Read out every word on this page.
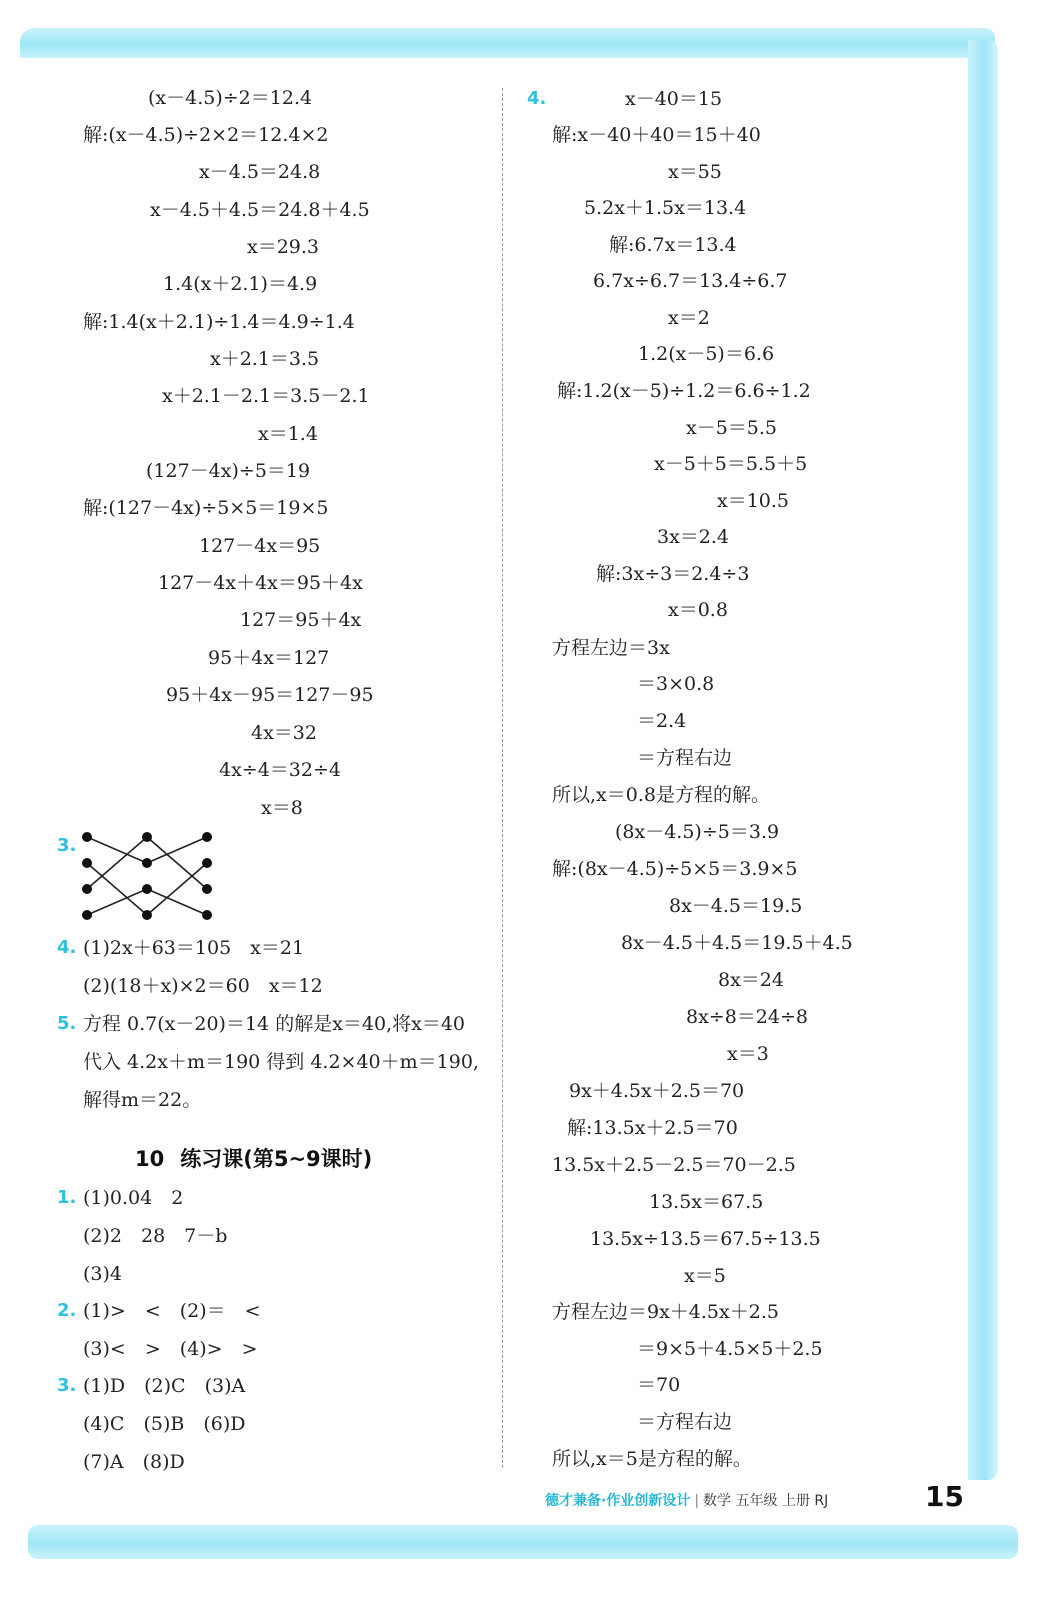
(x－4.5)÷2＝12.4
解:(x－4.5)÷2×2＝12.4×2
x－4.5＝24.8
x－4.5＋4.5＝24.8＋4.5
x＝29.3
1.4(x＋2.1)＝4.9
解:1.4(x＋2.1)÷1.4＝4.9÷1.4
x＋2.1＝3.5
x＋2.1－2.1＝3.5－2.1
x＝1.4
(127－4x)÷5＝19
解:(127－4x)÷5×5＝19×5
127－4x＝95
127－4x＋4x＝95＋4x
127＝95＋4x
95＋4x＝127
95＋4x－95＝127－95
4x＝32
4x÷4＝32÷4
x＝8
3.
4. (1)2x＋63＝105　x＝21
(2)(18＋x)×2＝60　x＝12
5. 方程 0.7(x－20)＝14 的解是x＝40,将x＝40
代入 4.2x＋m＝190 得到 4.2×40＋m＝190,
解得m＝22。
10 练习课(第5~9课时)
1. (1)0.04　2
(2)2　28　7－b
(3)4
2. (1)>　<　(2)＝　<
(3)<　>　(4)>　>
3. (1)D　(2)C　(3)A
(4)C　(5)B　(6)D
(7)A　(8)D
4.	x－40＝15
解:x－40＋40＝15＋40
x＝55
5.2x＋1.5x＝13.4
解:6.7x＝13.4
6.7x÷6.7＝13.4÷6.7
x＝2
1.2(x－5)＝6.6
解:1.2(x－5)÷1.2＝6.6÷1.2
x－5＝5.5
x－5＋5＝5.5＋5
x＝10.5
3x＝2.4
解:3x÷3＝2.4÷3
x＝0.8
方程左边＝3x
＝3×0.8
＝2.4
＝方程右边
所以,x＝0.8是方程的解。
(8x－4.5)÷5＝3.9
解:(8x－4.5)÷5×5＝3.9×5
8x－4.5＝19.5
8x－4.5＋4.5＝19.5＋4.5
8x＝24
8x÷8＝24÷8
x＝3
9x＋4.5x＋2.5＝70
解:13.5x＋2.5＝70
13.5x＋2.5－2.5＝70－2.5
13.5x＝67.5
13.5x÷13.5＝67.5÷13.5
x＝5
方程左边＝9x＋4.5x＋2.5
＝9×5＋4.5×5＋2.5
＝70
＝方程右边
所以,x＝5是方程的解。
德才兼备·作业创新设计 | 数学 五年级 上册 RJ	15
